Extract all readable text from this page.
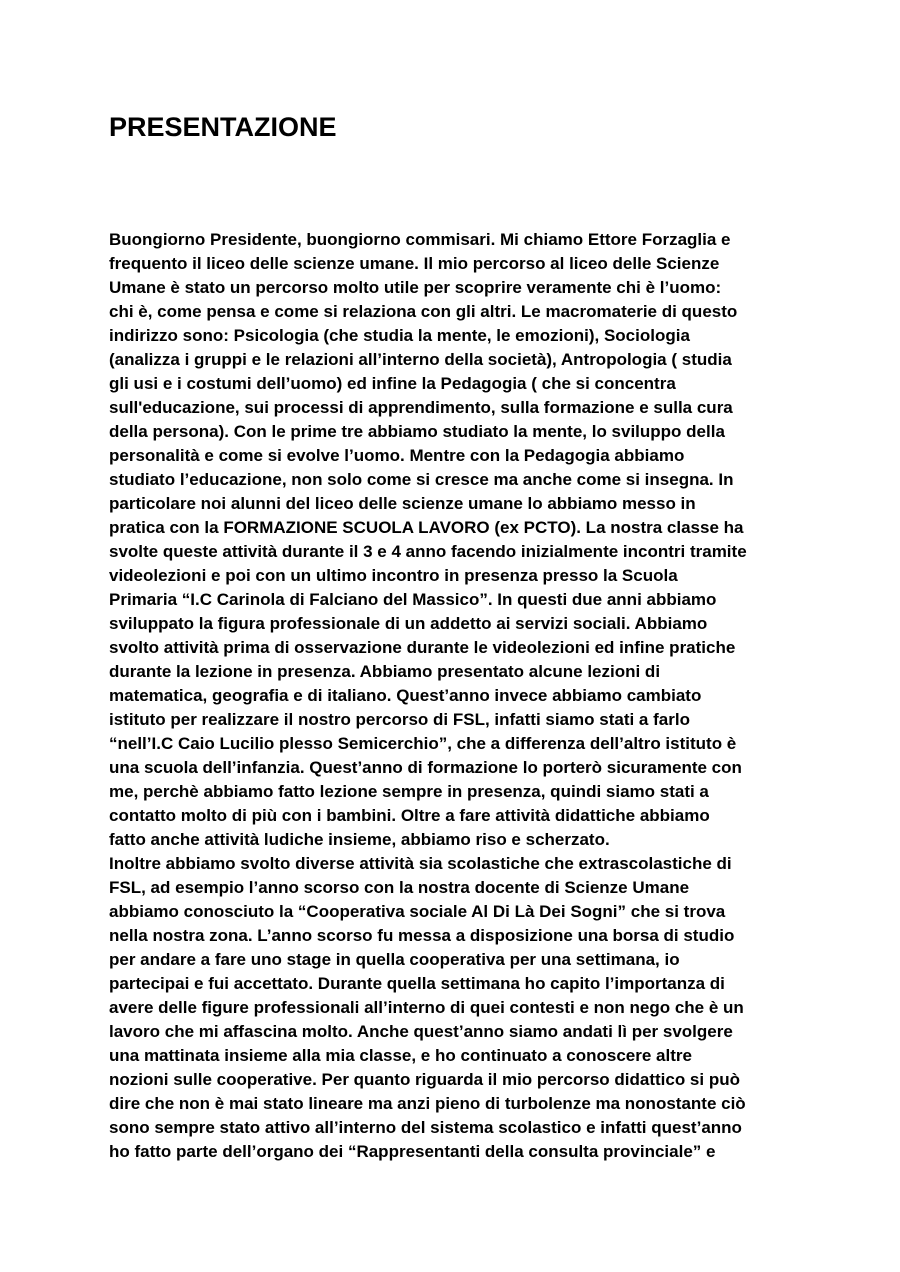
PRESENTAZIONE
Buongiorno Presidente, buongiorno commisari. Mi chiamo Ettore Forzaglia e
frequento il liceo delle scienze umane. Il mio percorso al liceo delle Scienze
Umane è stato un percorso molto utile per scoprire veramente chi è l’uomo:
chi è, come pensa e come si relaziona con gli altri. Le macromaterie di questo
indirizzo sono: Psicologia (che studia la mente, le emozioni), Sociologia
(analizza i gruppi e le relazioni all’interno della società), Antropologia ( studia
gli usi e i costumi dell’uomo) ed infine la Pedagogia ( che si concentra
sull'educazione, sui processi di apprendimento, sulla formazione e sulla cura
della persona). Con le prime tre abbiamo studiato la mente, lo sviluppo della
personalità e come si evolve l’uomo. Mentre con la Pedagogia abbiamo
studiato l’educazione, non solo come si cresce ma anche come si insegna. In
particolare noi alunni del liceo delle scienze umane lo abbiamo messo in
pratica con la FORMAZIONE SCUOLA LAVORO (ex PCTO). La nostra classe ha
svolte queste attività durante il 3 e 4 anno facendo inizialmente incontri tramite
videolezioni e poi con un ultimo incontro in presenza presso la Scuola
Primaria “I.C Carinola di Falciano del Massico”. In questi due anni abbiamo
sviluppato la figura professionale di un addetto ai servizi sociali. Abbiamo
svolto attività prima di osservazione durante le videolezioni ed infine pratiche
durante la lezione in presenza. Abbiamo presentato alcune lezioni di
matematica, geografia e di italiano. Quest’anno invece abbiamo cambiato
istituto per realizzare il nostro percorso di FSL, infatti siamo stati a farlo
“nell’I.C Caio Lucilio plesso Semicerchio”, che a differenza dell’altro istituto è
una scuola dell’infanzia. Quest’anno di formazione lo porterò sicuramente con
me, perchè abbiamo fatto lezione sempre in presenza, quindi siamo stati a
contatto molto di più con i bambini. Oltre a fare attività didattiche abbiamo
fatto anche attività ludiche insieme, abbiamo riso e scherzato.
Inoltre abbiamo svolto diverse attività sia scolastiche che extrascolastiche di
FSL, ad esempio l’anno scorso con la nostra docente di Scienze Umane
abbiamo conosciuto la “Cooperativa sociale Al Di Là Dei Sogni” che si trova
nella nostra zona. L’anno scorso fu messa a disposizione una borsa di studio
per andare a fare uno stage in quella cooperativa per una settimana, io
partecipai e fui accettato. Durante quella settimana ho capito l’importanza di
avere delle figure professionali all’interno di quei contesti e non nego che è un
lavoro che mi affascina molto. Anche quest’anno siamo andati lì per svolgere
una mattinata insieme alla mia classe, e ho continuato a conoscere altre
nozioni sulle cooperative. Per quanto riguarda il mio percorso didattico si può
dire che non è mai stato lineare ma anzi pieno di turbolenze ma nonostante ciò
sono sempre stato attivo all’interno del sistema scolastico e infatti quest’anno
ho fatto parte dell’organo dei “Rappresentanti della consulta provinciale” e
